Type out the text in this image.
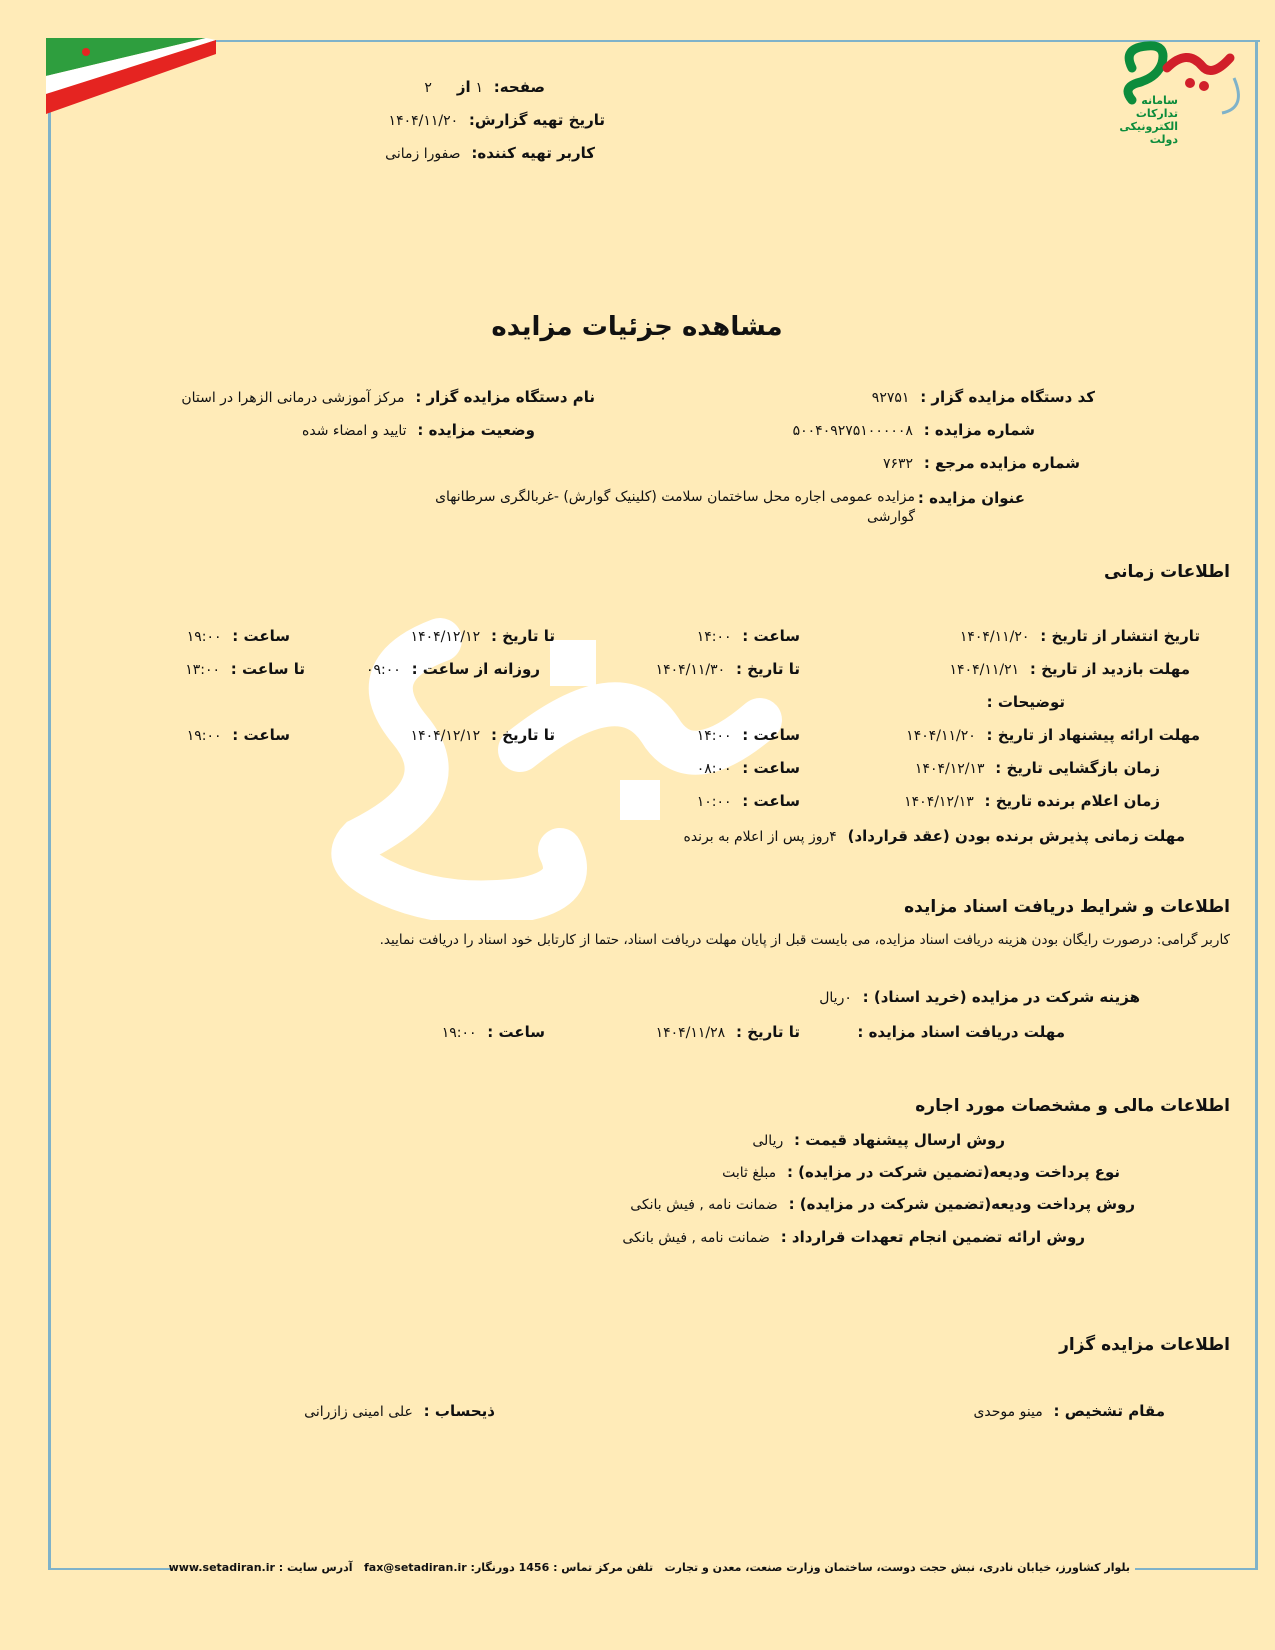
سامانه تدارکات الکترونیکی دولت
صفحه: ۱ از    ۲
تاریخ تهیه گزارش: ۱۴۰۴/۱۱/۲۰
کاربر تهیه کننده: صفورا زمانی
مشاهده جزئیات مزایده
کد دستگاه مزایده گزار : ۹۲۷۵۱
نام دستگاه مزایده گزار : مرکز آموزشی درمانی الزهرا در استان
شماره مزایده : ۵۰۰۴۰۹۲۷۵۱۰۰۰۰۰۸
وضعیت مزایده : تایید و امضاء شده
شماره مزایده مرجع : ۷۶۳۲
عنوان مزایده :
مزایده عمومی اجاره محل ساختمان سلامت (کلینیک گوارش) -غربالگری سرطانهای
گوارشی
اطلاعات زمانی
تاریخ انتشار از تاریخ : ۱۴۰۴/۱۱/۲۰
ساعت : ۱۴:۰۰
تا تاریخ : ۱۴۰۴/۱۲/۱۲
ساعت : ۱۹:۰۰
مهلت بازدید از تاریخ : ۱۴۰۴/۱۱/۲۱
تا تاریخ : ۱۴۰۴/۱۱/۳۰
روزانه از ساعت : ۰۹:۰۰
تا ساعت : ۱۳:۰۰
توضیحات :
مهلت ارائه پیشنهاد از تاریخ : ۱۴۰۴/۱۱/۲۰
ساعت : ۱۴:۰۰
تا تاریخ : ۱۴۰۴/۱۲/۱۲
ساعت : ۱۹:۰۰
زمان بازگشایی تاریخ : ۱۴۰۴/۱۲/۱۳
ساعت : ۰۸:۰۰
زمان اعلام برنده تاریخ : ۱۴۰۴/۱۲/۱۳
ساعت : ۱۰:۰۰
مهلت زمانی پذیرش برنده بودن (عقد قرارداد) ۴روز پس از اعلام به برنده
اطلاعات و شرایط دریافت اسناد مزایده
کاربر گرامی: درصورت رایگان بودن هزینه دریافت اسناد مزایده، می بایست قبل از پایان مهلت دریافت اسناد، حتما از کارتابل خود اسناد را دریافت نمایید.
هزینه شرکت در مزایده (خرید اسناد) : ۰ریال
مهلت دریافت اسناد مزایده :
تا تاریخ : ۱۴۰۴/۱۱/۲۸
ساعت : ۱۹:۰۰
اطلاعات مالی و مشخصات مورد اجاره
روش ارسال پیشنهاد قیمت : ریالی
نوع پرداخت ودیعه(تضمین شرکت در مزایده) : مبلغ ثابت
روش پرداخت ودیعه(تضمین شرکت در مزایده) : ضمانت نامه , فیش بانکی
روش ارائه تضمین انجام تعهدات قرارداد : ضمانت نامه , فیش بانکی
اطلاعات مزایده گزار
مقام تشخیص : مینو موحدی
ذیحساب : علی امینی زازرانی
بلوار کشاورز، خیابان نادری، نبش حجت دوست، ساختمان وزارت صنعت، معدن و تجارت   تلفن مرکز تماس : 1456 دورنگار: fax@setadiran.ir   آدرس سایت : www.setadiran.ir
